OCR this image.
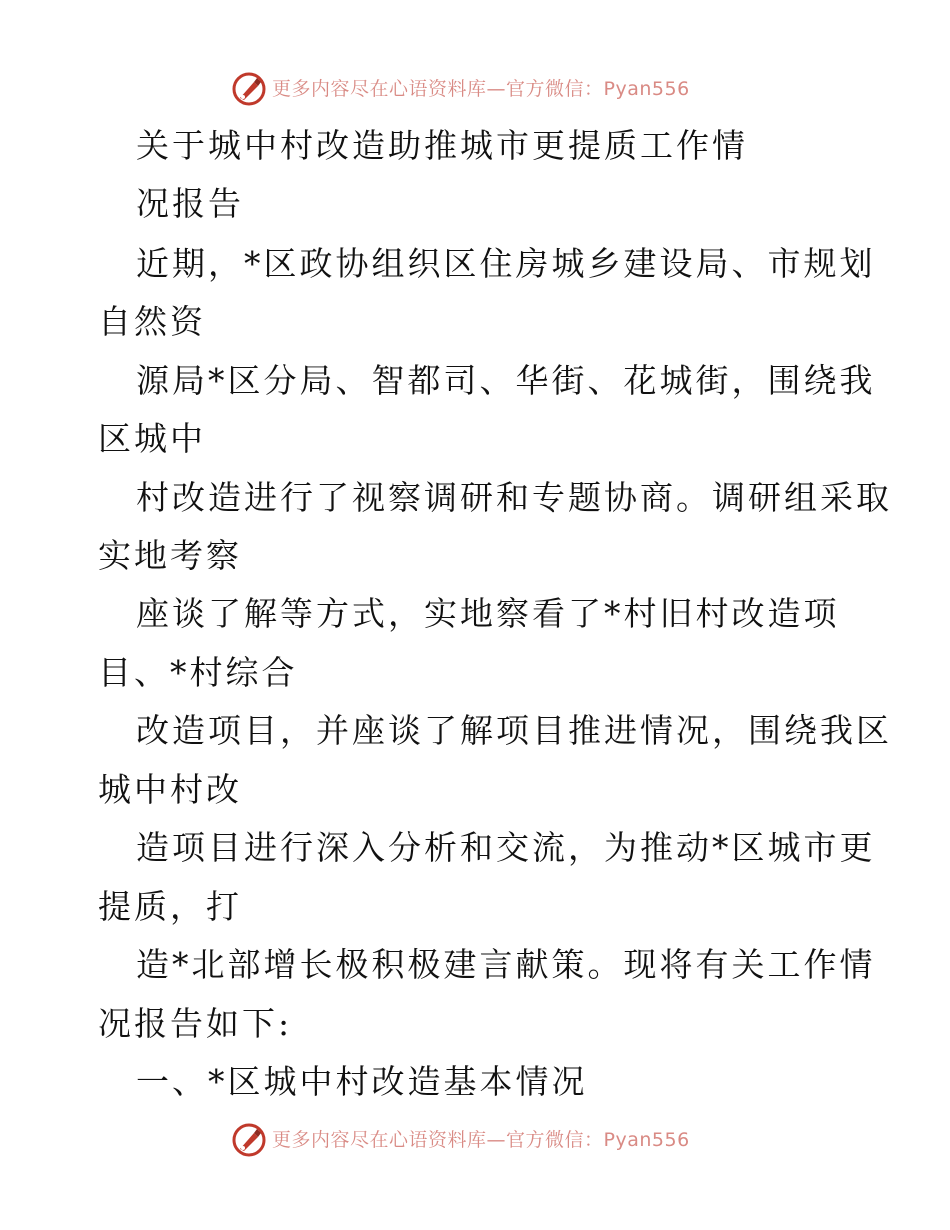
更多内容尽在心语资料库—官方微信：Pyan556
关于城中村改造助推城市更提质工作情
况报告
近期，*区政协组织区住房城乡建设局、市规划
自然资
源局*区分局、智都司、华街、花城街，围绕我
区城中
村改造进行了视察调研和专题协商。调研组采取
实地考察
座谈了解等方式，实地察看了*村旧村改造项
目、*村综合
改造项目，并座谈了解项目推进情况，围绕我区
城中村改
造项目进行深入分析和交流，为推动*区城市更
提质，打
造*北部增长极积极建言献策。现将有关工作情
况报告如下:
一、*区城中村改造基本情况
更多内容尽在心语资料库—官方微信：Pyan556
